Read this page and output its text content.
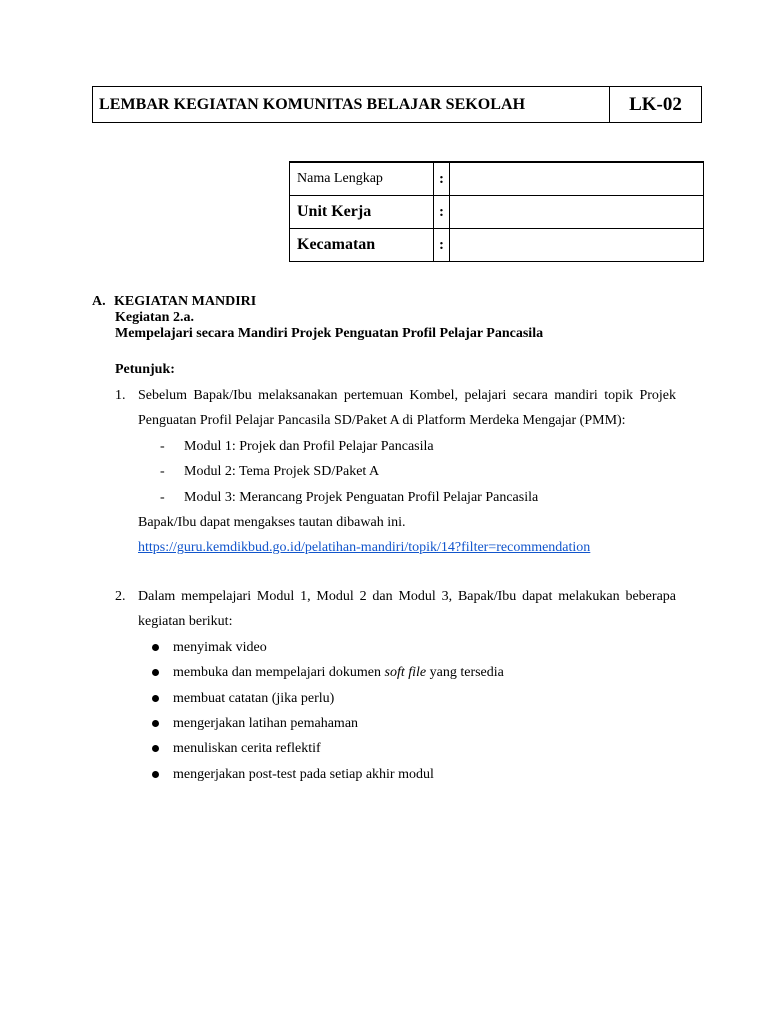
LEMBAR KEGIATAN KOMUNITAS BELAJAR SEKOLAH	LK-02
Nama Lengkap	:	
Unit Kerja	:	
Kecamatan	:	
A. KEGIATAN MANDIRI
Kegiatan 2.a.
Mempelajari secara Mandiri Projek Penguatan Profil Pelajar Pancasila
Petunjuk:
1. Sebelum Bapak/Ibu melaksanakan pertemuan Kombel, pelajari secara mandiri topik Projek Penguatan Profil Pelajar Pancasila SD/Paket A di Platform Merdeka Mengajar (PMM):

- Modul 1: Projek dan Profil Pelajar Pancasila
- Modul 2: Tema Projek SD/Paket A
- Modul 3: Merancang Projek Penguatan Profil Pelajar Pancasila

Bapak/Ibu dapat mengakses tautan dibawah ini.

https://guru.kemdikbud.go.id/pelatihan-mandiri/topik/14?filter=recommendation

2. Dalam mempelajari Modul 1, Modul 2 dan Modul 3, Bapak/Ibu dapat melakukan beberapa kegiatan berikut:

menyimak video
membuka dan mempelajari dokumen soft file yang tersedia
membuat catatan (jika perlu)
mengerjakan latihan pemahaman
menuliskan cerita reflektif
mengerjakan post-test pada setiap akhir modul
